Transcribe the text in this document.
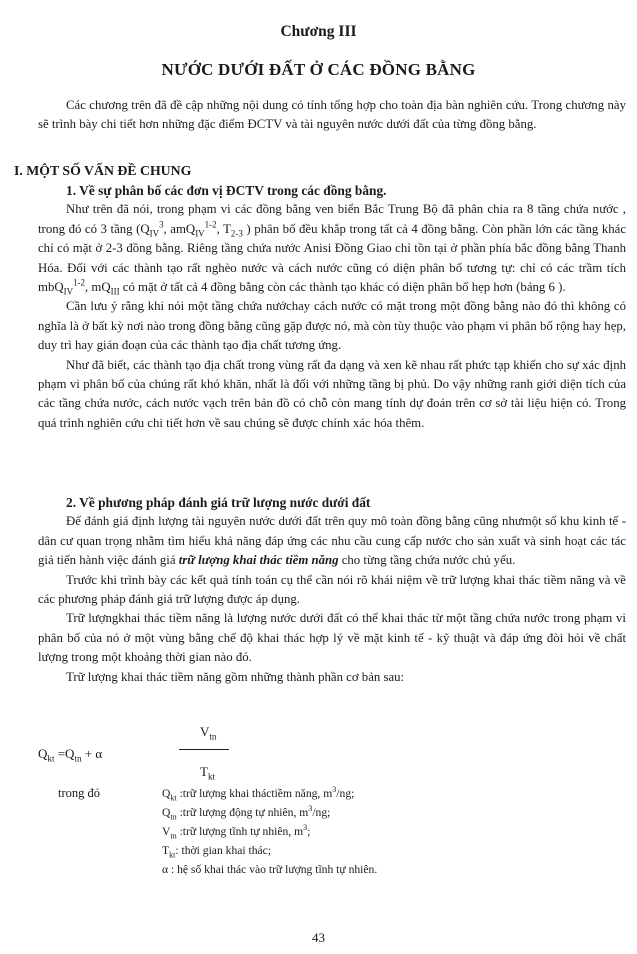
Chương III
NƯỚC DƯỚI ĐẤT Ở CÁC ĐỒNG BẰNG

Các chương trên đã đề cập những nội dung có tính tổng hợp cho toàn địa bàn nghiên cứu. Trong chương này sẽ trình bày chi tiết hơn những đặc điểm ĐCTV và tài nguyên nước dưới đất của từng đồng bằng.

I. MỘT SỐ VẤN ĐỀ CHUNG

1. Về sự phân bố các đơn vị ĐCTV trong các đồng bằng.

Như trên đã nói, trong phạm vi các đồng bằng ven biển Bắc Trung Bộ đã phân chia ra 8 tầng chứa nước , trong đó có 3 tầng ($Q_{IV}^3$, amQ$_{IV}^{1-2}$, $T_{2-3}$ ) phân bố đều khắp trong tất cả 4 đồng bằng. Còn phần lớn các tầng khác chỉ có mặt ở 2-3 đồng bằng. Riêng tầng chứa nước Anisi Đồng Giao chỉ tồn tại ở phần phía bắc đồng bằng Thanh Hóa. Đối với các thành tạo rất nghèo nước và cách nước cũng có diện phân bố tương tự: chỉ có các trầm tích mbQ$_{IV}^{1-2}$, $mQ_{III}$ có mặt ở tất cả 4 đồng bằng còn các thành tạo khác có diện phân bố hẹp hơn (bảng 6 ).

Cần lưu ý rằng khi nói một tầng chứa nướchay cách nước có mặt trong một đồng bằng nào đó thì không có nghĩa là ở bất kỳ nơi nào trong đồng bằng cũng gặp được nó, mà còn tùy thuộc vào phạm vi phân bố rộng hay hẹp, duy trì hay gián đoạn của các thành tạo địa chất tương ứng.

Như đã biết, các thành tạo địa chất trong vùng rất đa dạng và xen kẽ nhau rất phức tạp khiến cho sự xác định phạm vi phân bố của chúng rất khó khăn, nhất là đối với những tầng bị phủ. Do vậy những ranh giới diện tích của các tầng chứa nước, cách nước vạch trên bản đồ có chỗ còn mang tính dự đoán trên cơ sở tài liệu hiện có. Trong quá trình nghiên cứu chi tiết hơn về sau chúng sẽ được chính xác hóa thêm.

2. Về phương pháp đánh giá trữ lượng nước dưới đất

Để đánh giá định lượng tài nguyên nước dưới đất trên quy mô toàn đồng bằng cũng nhưmột số khu kinh tế - dân cư quan trọng nhằm tìm hiểu khả năng đáp ứng các nhu cầu cung cấp nước cho sản xuất và sinh hoạt các tác giả tiến hành việc đánh giá trữ lượng khai thác tiềm năng cho từng tầng chứa nước chủ yếu.

Trước khi trình bày các kết quả tính toán cụ thể cần nói rõ khái niệm về trữ lượng khai thác tiềm năng và về các phương pháp đánh giá trữ lượng được áp dụng.

Trữ lượngkhai thác tiềm năng là lượng nước dưới đất có thể khai thác từ một tầng chứa nước trong phạm vi phân bố của nó ở một vùng bằng chế độ khai thác hợp lý về mặt kinh tế - kỹ thuật và đáp ứng đòi hỏi về chất lượng trong một khoảng thời gian nào đó.

Trữ lượng khai thác tiềm năng gồm những thành phần cơ bản sau:

$Q_{kt} =Q_{tn} + \alpha$
$V_{tn}$
$T_{kt}$
trong đó	$Q_{kt}$ :trữ lượng khai tháctiềm năng, $m^3/ng$;
$Q_{tn}$ :trữ lượng động tự nhiên, $m^3/ng$;
$V_{tn}$ :trữ lượng tĩnh tự nhiên, $m^3$;
$T_{kt}$: thời gian khai thác;
α : hệ số khai thác vào trữ lượng tĩnh tự nhiên.
43
